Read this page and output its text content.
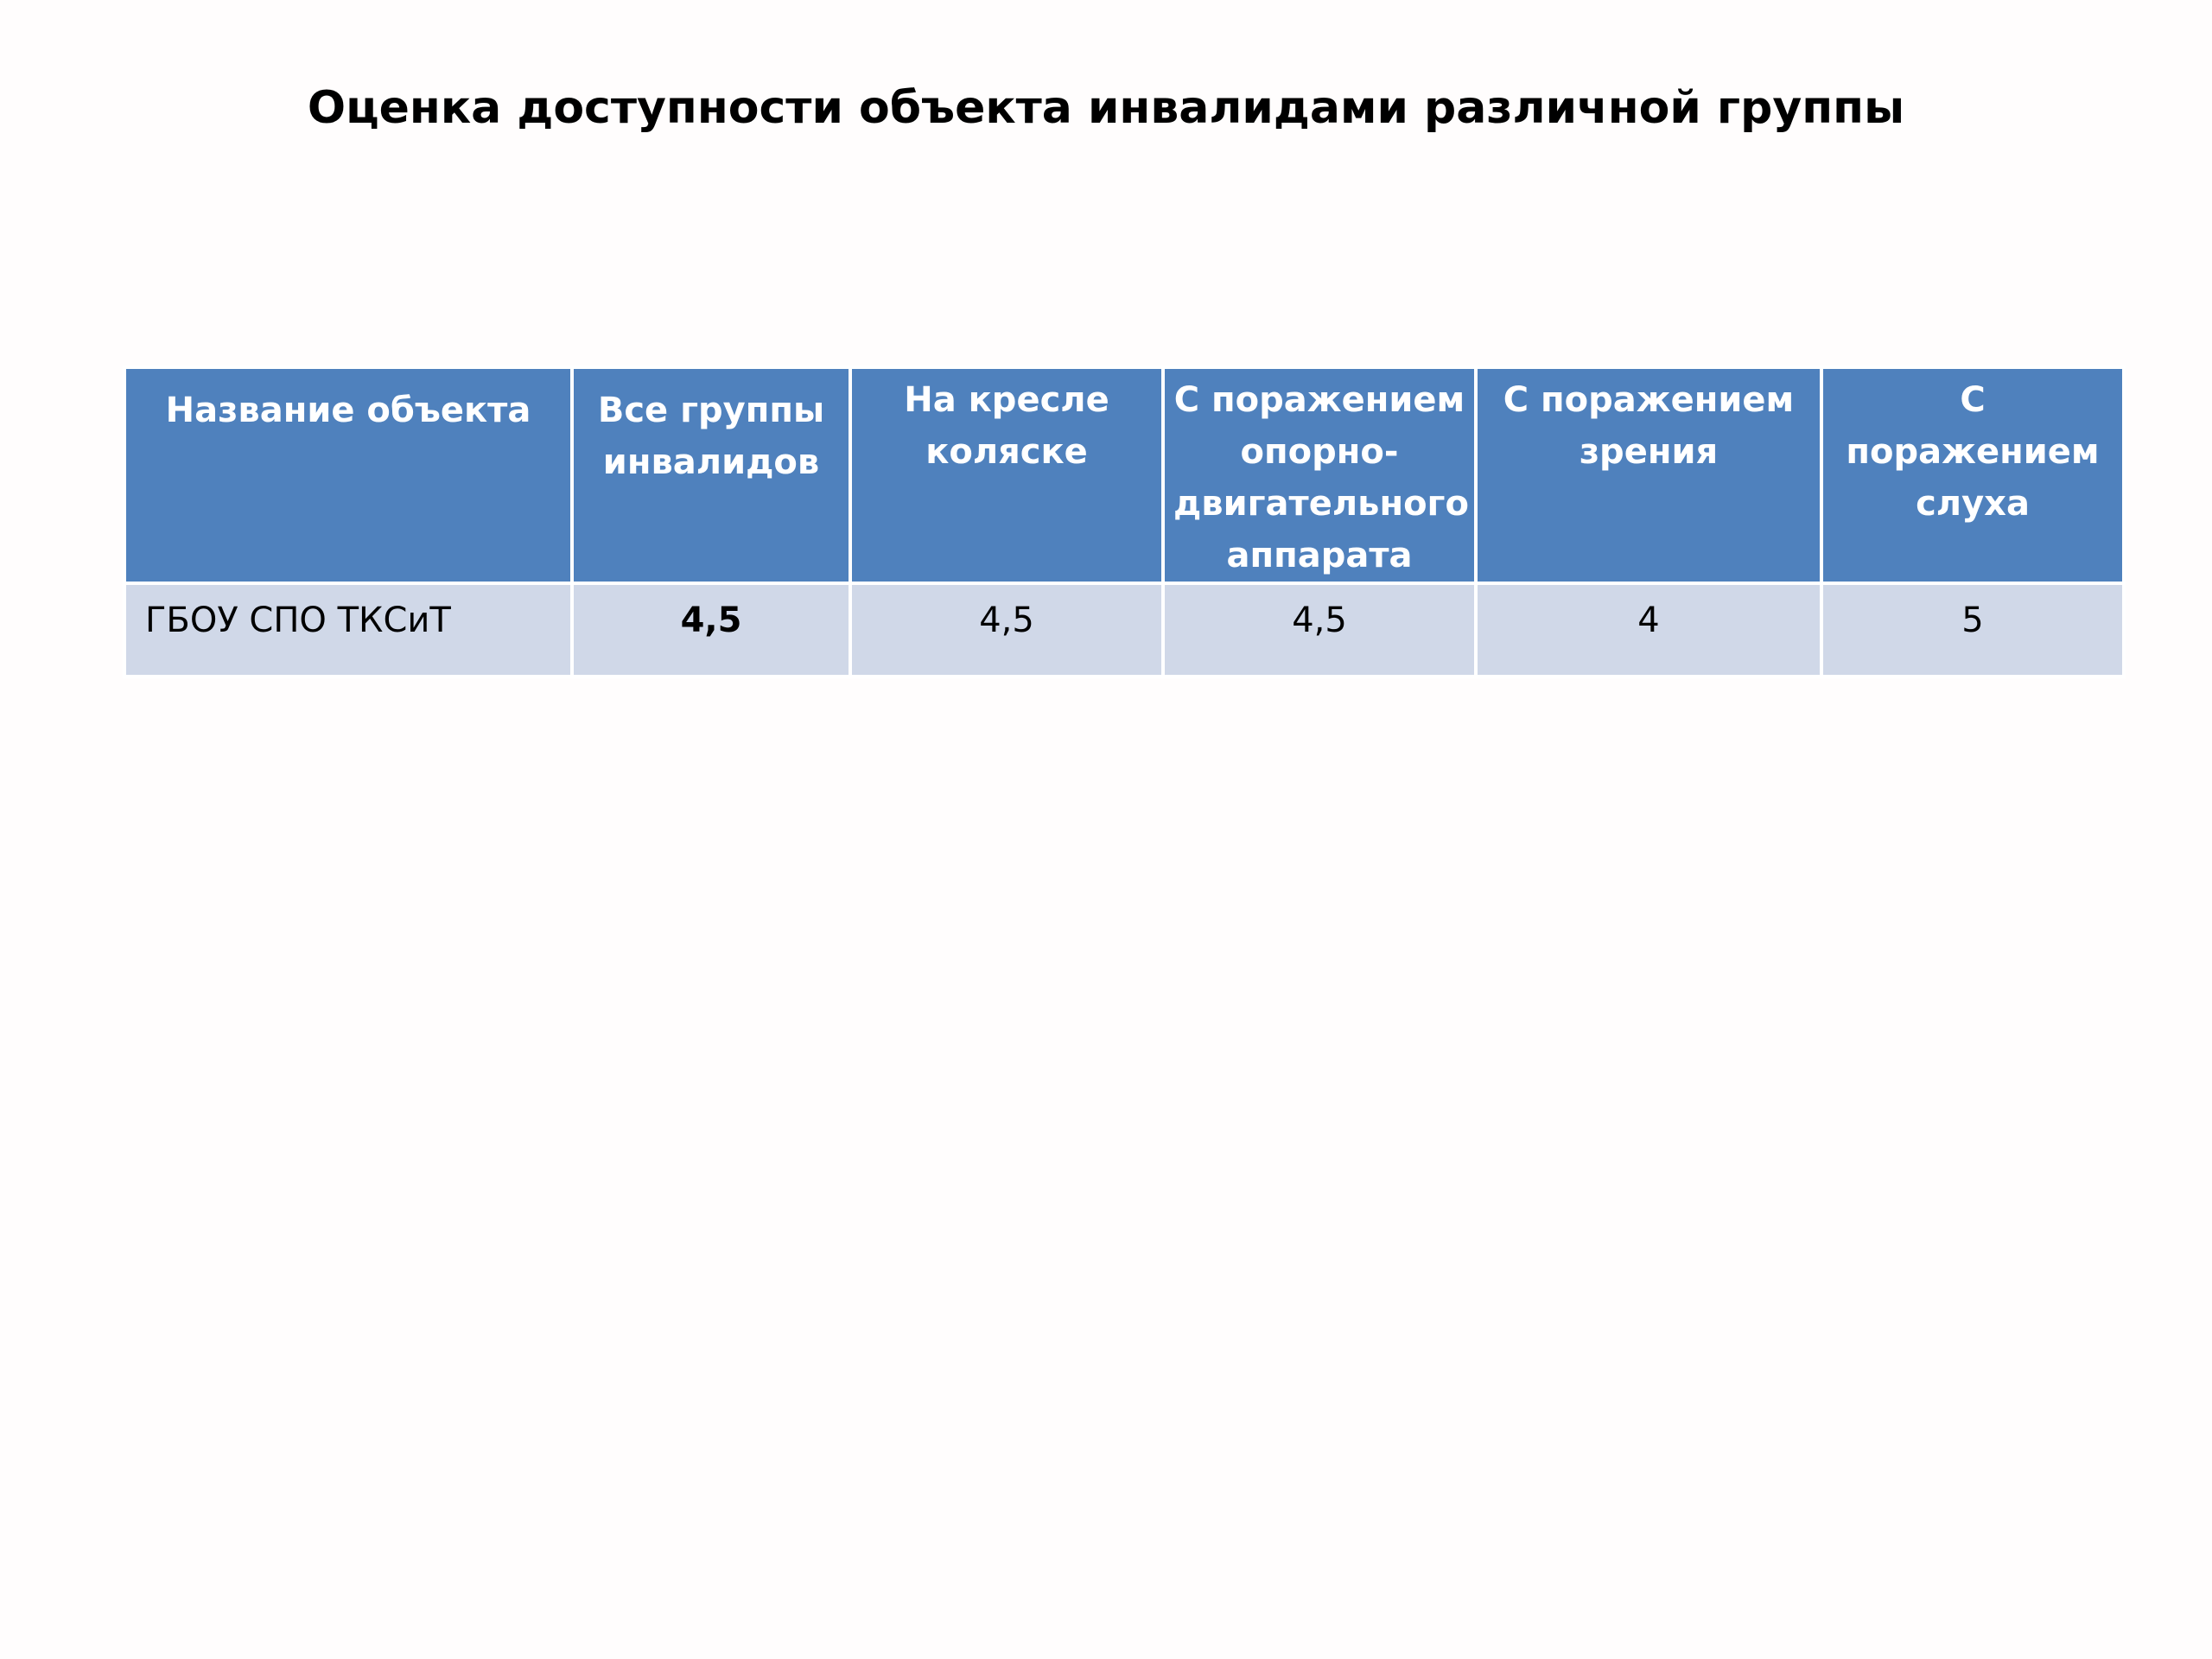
Оценка доступности объекта инвалидами различной группы
Название объекта	Все группы инвалидов	На кресле коляске	С поражением опорно-двигательного аппарата	С поражением зрения	С поражением слуха
ГБОУ СПО ТКСиТ	4,5	4,5	4,5	4	5
